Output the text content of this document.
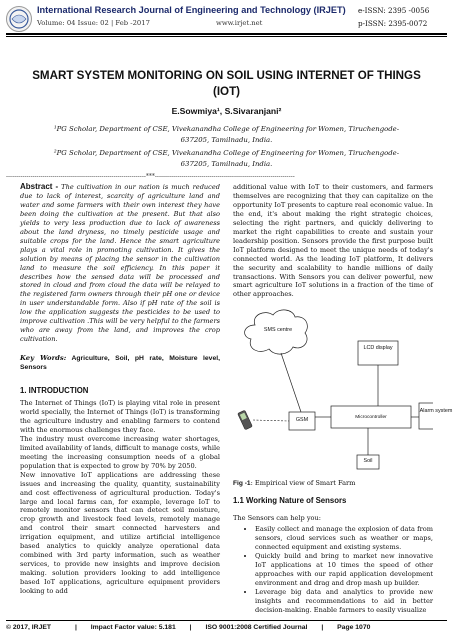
International Research Journal of Engineering and Technology (IRJET) e-ISSN: 2395 -0056
Volume: 04 Issue: 02 | Feb -2017	www.irjet.net	p-ISSN: 2395-0072
SMART SYSTEM MONITORING ON SOIL USING INTERNET OF THINGS (IOT)
E.Sowmiya¹, S.Sivaranjani²
¹PG Scholar, Department of CSE, Vivekanandha College of Engineering for Women, Tiruchengode-637205, Tamilnadu, India.
²PG Scholar, Department of CSE, Vivekanandha College of Engineering for Women, Tiruchengode-637205, Tamilnadu, India.
---------------------------------------------------------------------***---------------------------------------------------------------------

Abstract - The cultivation in our nation is much reduced due to lack of interest, scarcity of agriculture land and water and some farmers with their own interest they have been doing the cultivation at the present. But that also yields to very less production due to lack of awareness about the land dryness, no timely pesticide usage and suitable crops for the land. Hence the smart agriculture plays a vital role in promoting cultivation. It gives the solution by means of placing the sensor in the cultivation land to measure the soil efficiency. In this paper it describes how the sensed data will be processed and stored in cloud and from cloud the data will be relayed to the registered farm owners through their pH one or device in user understandable form. Also if pH rate of the soil is low the application suggests the pesticides to be used to improve cultivation .This will be very helpful to the farmers who are away from the land, and improves the crop cultivation.

Key Words: Agriculture, Soil, pH rate, Moisture level, Sensors

1. INTRODUCTION

The Internet of Things (IoT) is playing vital role in present world specially, the Internet of Things (IoT) is transforming the agriculture industry and enabling farmers to contend with the enormous challenges they face.

The industry must overcome increasing water shortages, limited availability of lands, difficult to manage costs, while meeting the increasing consumption needs of a global population that is expected to grow by 70% by 2050.

New innovative IoT applications are addressing these issues and increasing the quality, quantity, sustainability and cost effectiveness of agricultural production. Today's large and local farms can, for example, leverage IoT to remotely monitor sensors that can detect soil moisture, crop growth and livestock feed levels, remotely manage and control their smart connected harvesters and irrigation equipment, and utilize artificial intelligence based analytics to quickly analyze operational data combined with 3rd party information, such as weather services, to provide new insights and improve decision making. solution providers looking to add intelligence based IoT applications, agriculture equipment providers looking to add

additional value with IoT to their customers, and farmers themselves are recognizing that they can capitalize on the opportunity IoT presents to capture real economic value. In the end, it's about making the right strategic choices, selecting the right partners, and quickly delivering to market the right capabilities to create and sustain your leadership position. Sensors provide the first purpose built IoT platform designed to meet the unique needs of today's connected world. As the leading IoT platform, It delivers the security and scalability to handle millions of daily transactions. With Sensors you can deliver powerful, new smart agriculture IoT solutions in a fraction of the time of other approaches.

SMS centre
LCD display
GSM	Microcontroller
Alarm system
Soil

Fig -1: Empirical view of Smart Farm

1.1 Working Nature of Sensors

The Sensors can help you:

• Easily collect and manage the explosion of data from sensors, cloud services such as weather or maps, connected equipment and existing systems.
• Quickly build and bring to market new innovative IoT applications at 10 times the speed of other approaches with our rapid application development environment and drag and drop mash up builder.
• Leverage big data and analytics to provide new insights and recommendations to aid in better decision-making. Enable farmers to easily visualize
© 2017, IRJET	| Impact Factor value: 5.181 | ISO 9001:2008 Certified Journal | Page 1070
